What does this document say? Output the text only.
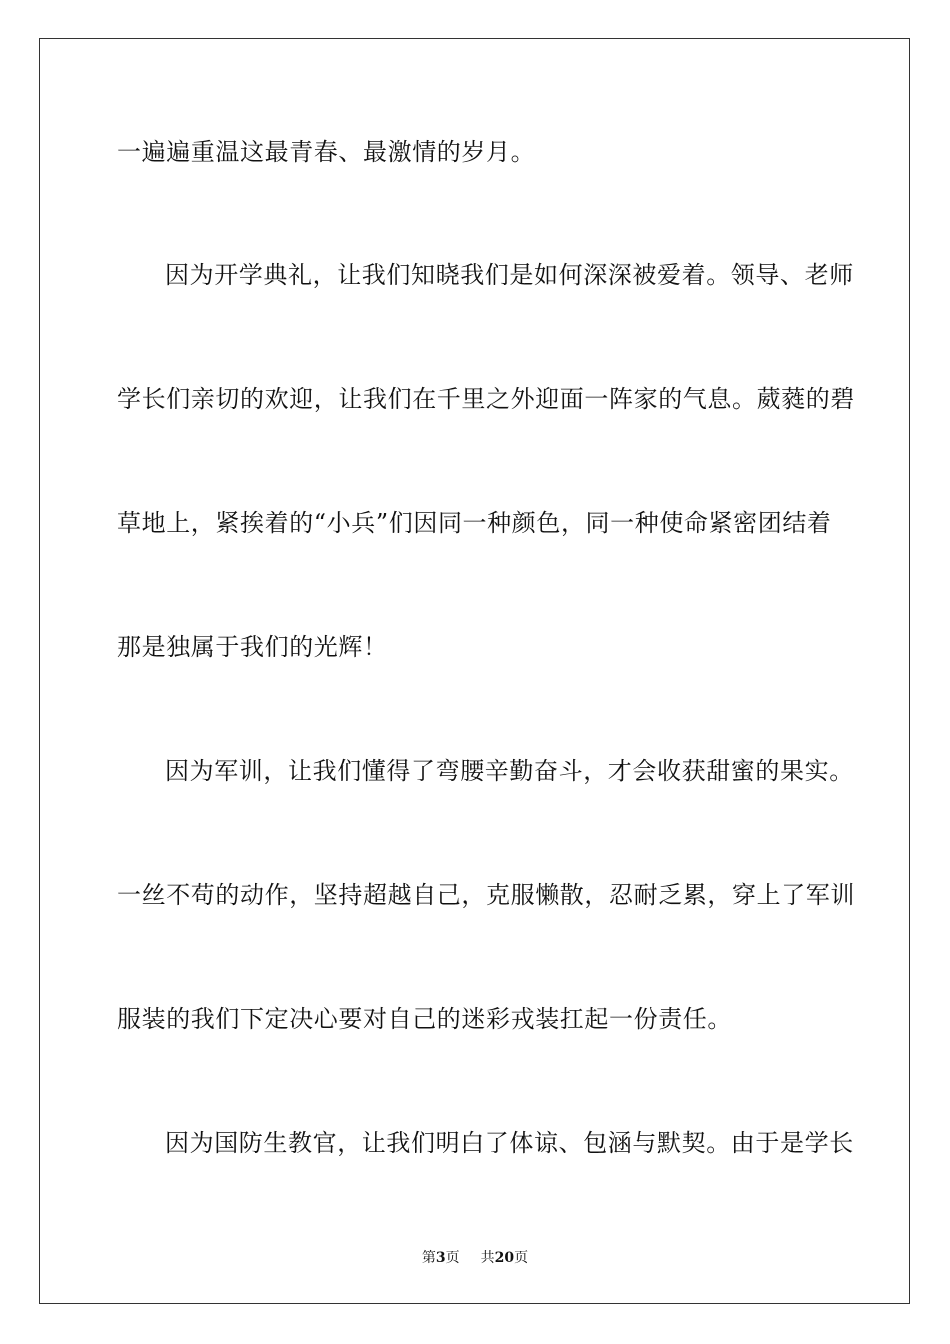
一遍遍重温这最青春、最激情的岁月。
因为开学典礼，让我们知晓我们是如何深深被爱着。领导、老师
学长们亲切的欢迎，让我们在千里之外迎面一阵家的气息。葳蕤的碧
草地上，紧挨着的“小兵”们因同一种颜色，同一种使命紧密团结着
那是独属于我们的光辉！
因为军训，让我们懂得了弯腰辛勤奋斗，才会收获甜蜜的果实。
一丝不苟的动作，坚持超越自己，克服懒散，忍耐乏累，穿上了军训
服装的我们下定决心要对自己的迷彩戎装扛起一份责任。
因为国防生教官，让我们明白了体谅、包涵与默契。由于是学长
第3页 共20页
